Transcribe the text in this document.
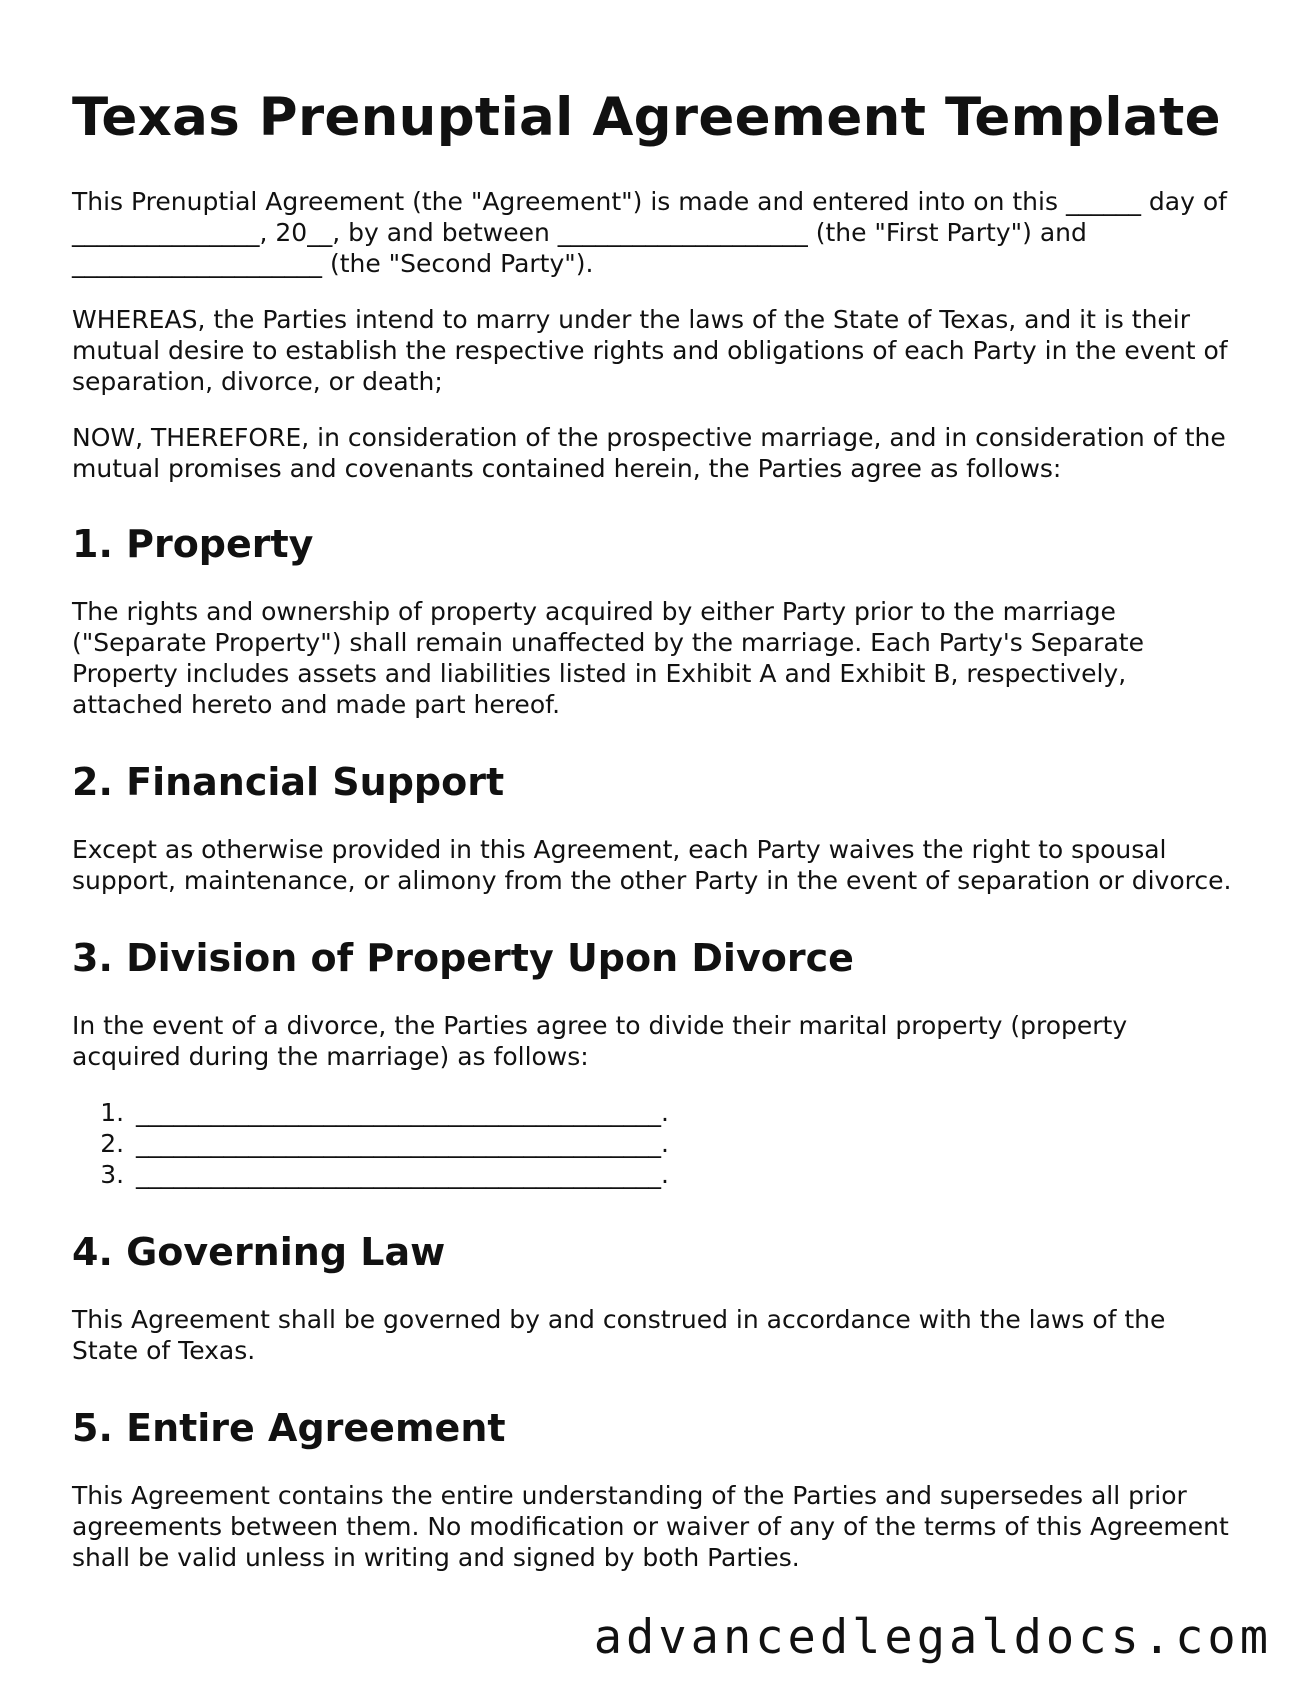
Texas Prenuptial Agreement Template

This Prenuptial Agreement (the "Agreement") is made and entered into on this ______ day of _______________, 20__, by and between ____________________ (the "First Party") and ____________________ (the "Second Party").

WHEREAS, the Parties intend to marry under the laws of the State of Texas, and it is their mutual desire to establish the respective rights and obligations of each Party in the event of separation, divorce, or death;

NOW, THEREFORE, in consideration of the prospective marriage, and in consideration of the mutual promises and covenants contained herein, the Parties agree as follows:

1. Property

The rights and ownership of property acquired by either Party prior to the marriage ("Separate Property") shall remain unaffected by the marriage. Each Party's Separate Property includes assets and liabilities listed in Exhibit A and Exhibit B, respectively, attached hereto and made part hereof.

2. Financial Support

Except as otherwise provided in this Agreement, each Party waives the right to spousal support, maintenance, or alimony from the other Party in the event of separation or divorce.

3. Division of Property Upon Divorce

In the event of a divorce, the Parties agree to divide their marital property (property acquired during the marriage) as follows:

1. __________________________________________.
2. __________________________________________.
3. __________________________________________.
4. Governing Law

This Agreement shall be governed by and construed in accordance with the laws of the State of Texas.

5. Entire Agreement

This Agreement contains the entire understanding of the Parties and supersedes all prior agreements between them. No modification or waiver of any of the terms of this Agreement shall be valid unless in writing and signed by both Parties.

advancedlegaldocs.com
